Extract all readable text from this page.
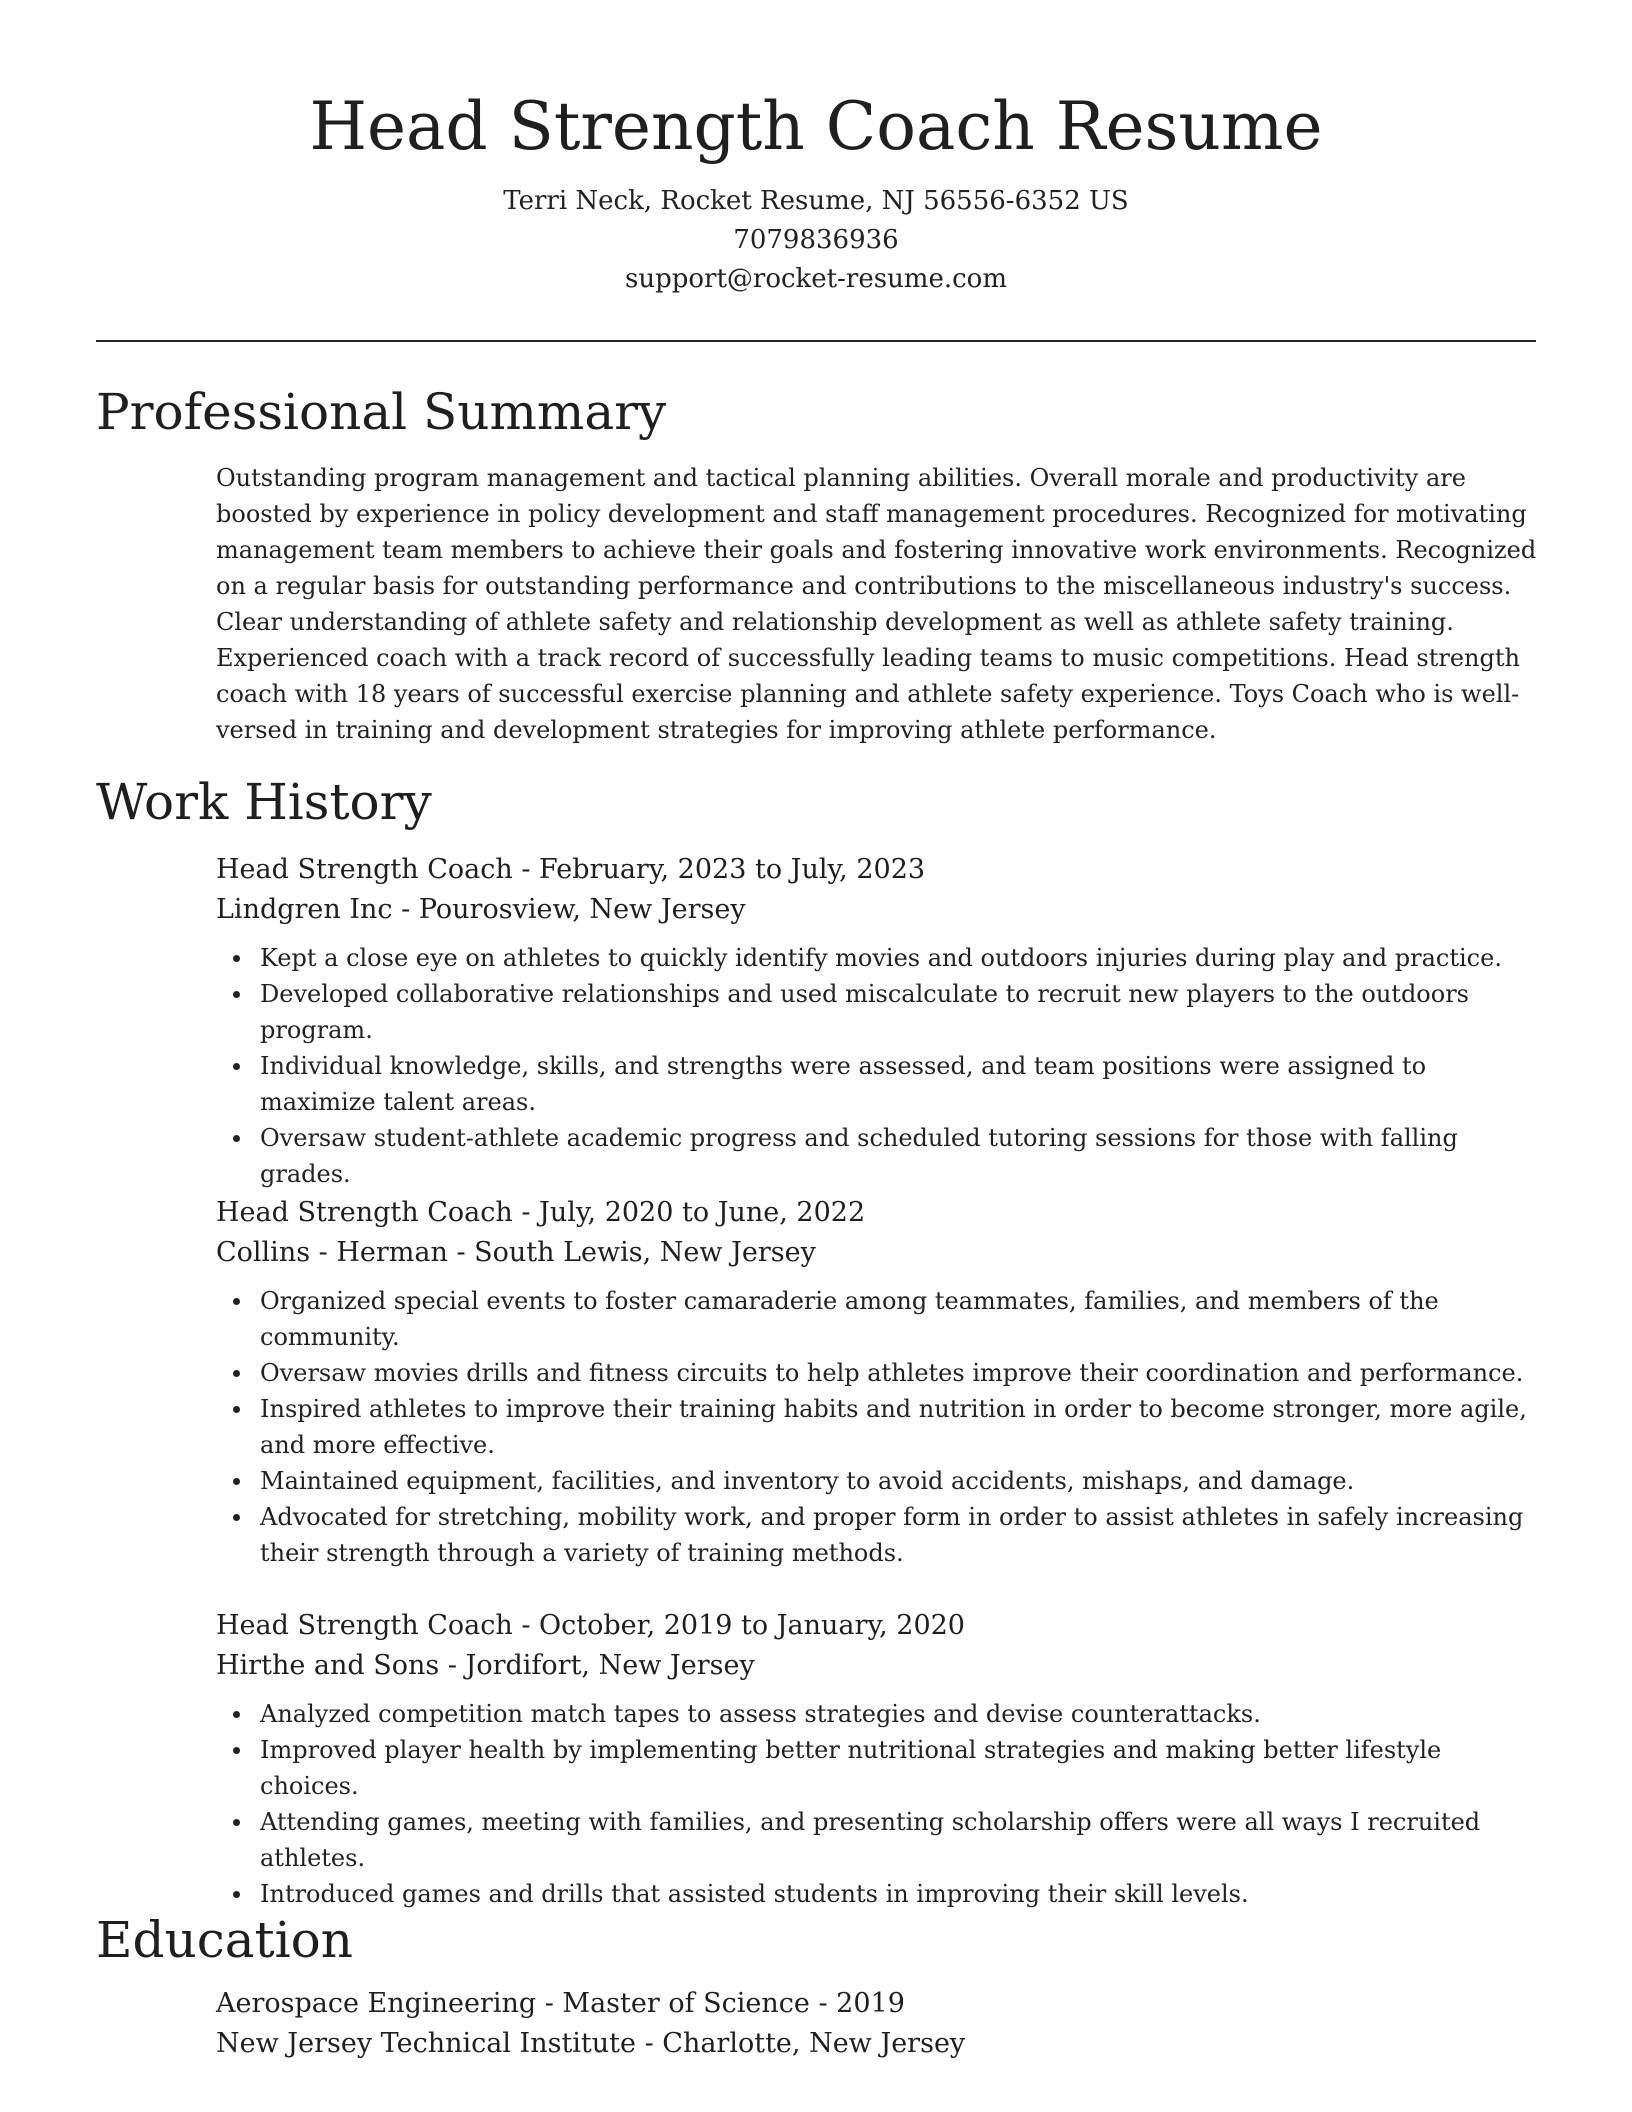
Head Strength Coach Resume
Terri Neck, Rocket Resume, NJ 56556-6352 US
7079836936
support@rocket-resume.com
Professional Summary
Outstanding program management and tactical planning abilities. Overall morale and productivity are boosted by experience in policy development and staff management procedures. Recognized for motivating management team members to achieve their goals and fostering innovative work environments. Recognized on a regular basis for outstanding performance and contributions to the miscellaneous industry's success. Clear understanding of athlete safety and relationship development as well as athlete safety training. Experienced coach with a track record of successfully leading teams to music competitions. Head strength coach with 18 years of successful exercise planning and athlete safety experience. Toys Coach who is well-versed in training and development strategies for improving athlete performance.
Work History
Head Strength Coach - February, 2023 to July, 2023
Lindgren Inc - Pourosview, New Jersey
Kept a close eye on athletes to quickly identify movies and outdoors injuries during play and practice.
Developed collaborative relationships and used miscalculate to recruit new players to the outdoors program.
Individual knowledge, skills, and strengths were assessed, and team positions were assigned to maximize talent areas.
Oversaw student-athlete academic progress and scheduled tutoring sessions for those with falling grades.
Head Strength Coach - July, 2020 to June, 2022
Collins - Herman - South Lewis, New Jersey
Organized special events to foster camaraderie among teammates, families, and members of the community.
Oversaw movies drills and fitness circuits to help athletes improve their coordination and performance.
Inspired athletes to improve their training habits and nutrition in order to become stronger, more agile, and more effective.
Maintained equipment, facilities, and inventory to avoid accidents, mishaps, and damage.
Advocated for stretching, mobility work, and proper form in order to assist athletes in safely increasing their strength through a variety of training methods.
Head Strength Coach - October, 2019 to January, 2020
Hirthe and Sons - Jordifort, New Jersey
Analyzed competition match tapes to assess strategies and devise counterattacks.
Improved player health by implementing better nutritional strategies and making better lifestyle choices.
Attending games, meeting with families, and presenting scholarship offers were all ways I recruited athletes.
Introduced games and drills that assisted students in improving their skill levels.
Education
Aerospace Engineering - Master of Science - 2019
New Jersey Technical Institute - Charlotte, New Jersey
